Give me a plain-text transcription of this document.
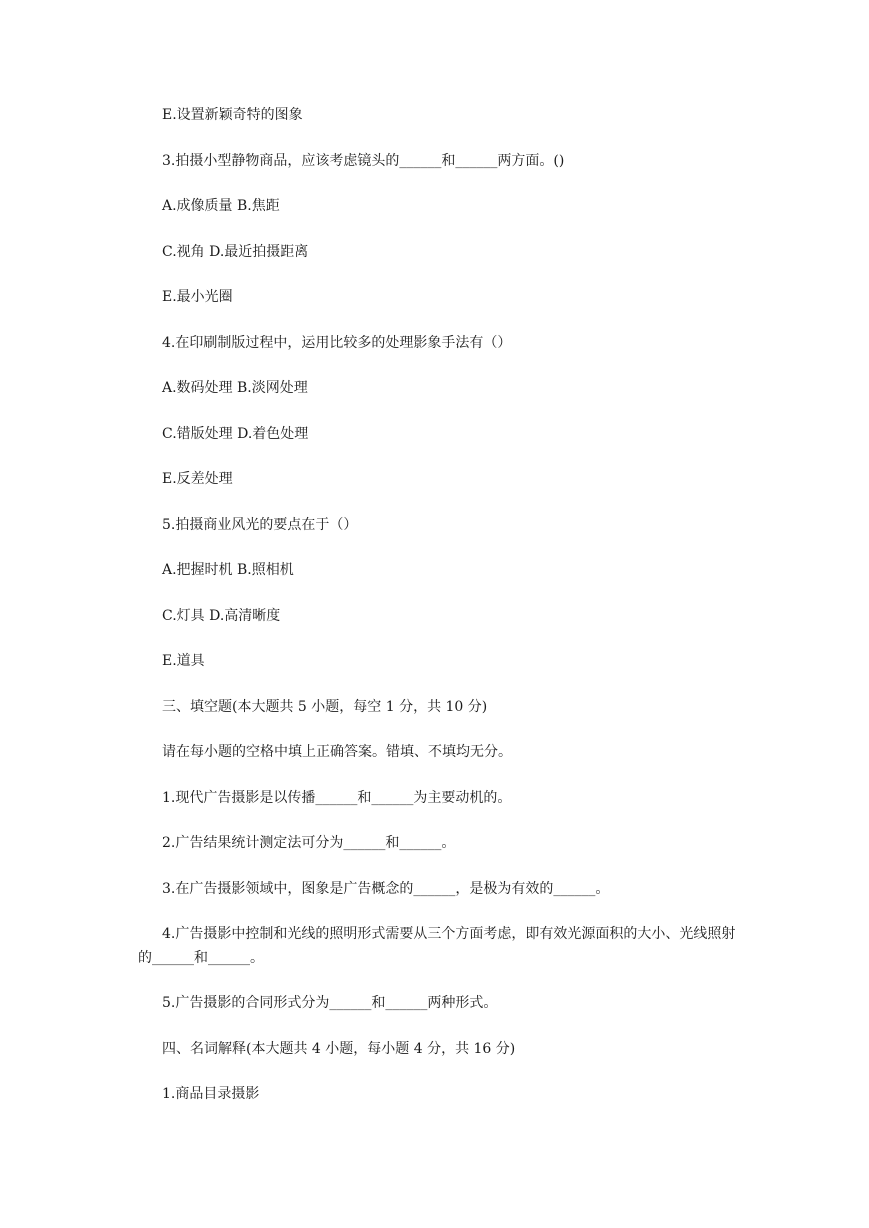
E.设置新颖奇特的图象
3.拍摄小型静物商品，应该考虑镜头的______和______两方面。()
A.成像质量 B.焦距
C.视角 D.最近拍摄距离
E.最小光圈
4.在印刷制版过程中，运用比较多的处理影象手法有（）
A.数码处理 B.淡网处理
C.错版处理 D.着色处理
E.反差处理
5.拍摄商业风光的要点在于（）
A.把握时机 B.照相机
C.灯具 D.高清晰度
E.道具
三、填空题(本大题共 5 小题，每空 1 分，共 10 分)
请在每小题的空格中填上正确答案。错填、不填均无分。
1.现代广告摄影是以传播______和______为主要动机的。
2.广告结果统计测定法可分为______和______。
3.在广告摄影领域中，图象是广告概念的______，是极为有效的______。
4.广告摄影中控制和光线的照明形式需要从三个方面考虑，即有效光源面积的大小、光线照射的______和______。
5.广告摄影的合同形式分为______和______两种形式。
四、名词解释(本大题共 4 小题，每小题 4 分，共 16 分)
1.商品目录摄影
